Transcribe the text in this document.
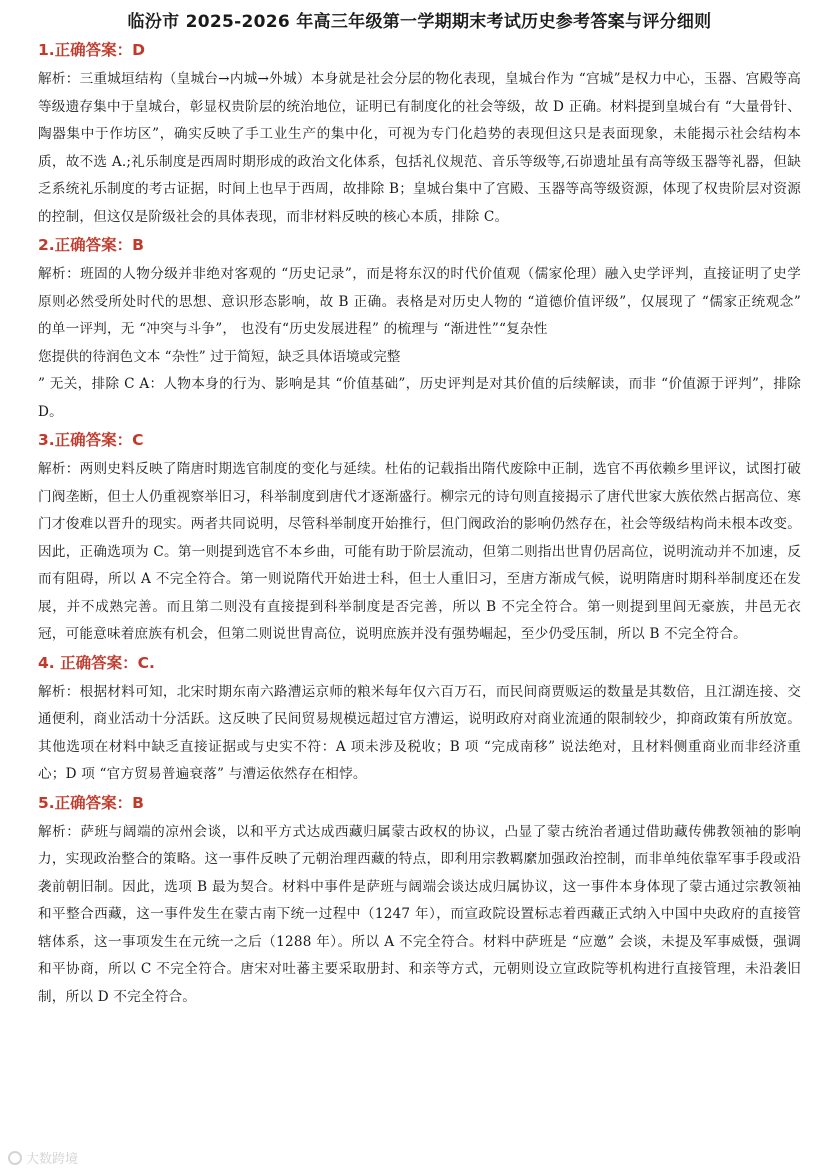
临汾市 2025-2026 年高三年级第一学期期末考试历史参考答案与评分细则
1.正确答案：D

解析：三重城垣结构（皇城台→内城→外城）本身就是社会分层的物化表现，皇城台作为 “宫城”是权力中心，玉器、宫殿等高等级遗存集中于皇城台，彰显权贵阶层的统治地位，证明已有制度化的社会等级，故 D 正确。材料提到皇城台有 “大量骨针、陶器集中于作坊区”，确实反映了手工业生产的集中化，可视为专门化趋势的表现但这只是表面现象，未能揭示社会结构本质，故不选 A.;礼乐制度是西周时期形成的政治文化体系，包括礼仪规范、音乐等级等,石峁遗址虽有高等级玉器等礼器，但缺乏系统礼乐制度的考古证据，时间上也早于西周，故排除 B；皇城台集中了宫殿、玉器等高等级资源，体现了权贵阶层对资源的控制，但这仅是阶级社会的具体表现，而非材料反映的核心本质，排除 C。

2.正确答案：B

解析：班固的人物分级并非绝对客观的 “历史记录”，而是将东汉的时代价值观（儒家伦理）融入史学评判，直接证明了史学原则必然受所处时代的思想、意识形态影响，故 B 正确。表格是对历史人物的 “道德价值评级”，仅展现了 “儒家正统观念” 的单一评判，无 “冲突与斗争”， 也没有“历史发展进程” 的梳理与 “渐进性”“复杂性

您提供的待润色文本 “杂性” 过于简短，缺乏具体语境或完整

” 无关，排除 C A：人物本身的行为、影响是其 “价值基础”，历史评判是对其价值的后续解读，而非 “价值源于评判”，排除 D。

3.正确答案：C

解析：两则史料反映了隋唐时期选官制度的变化与延续。杜佑的记载指出隋代废除中正制，选官不再依赖乡里评议，试图打破门阀垄断，但士人仍重视察举旧习，科举制度到唐代才逐渐盛行。柳宗元的诗句则直接揭示了唐代世家大族依然占据高位、寒门才俊难以晋升的现实。两者共同说明，尽管科举制度开始推行，但门阀政治的影响仍然存在，社会等级结构尚未根本改变。因此，正确选项为 C。第一则提到选官不本乡曲，可能有助于阶层流动，但第二则指出世胄仍居高位，说明流动并不加速，反而有阻碍，所以 A 不完全符合。第一则说隋代开始进士科，但士人重旧习，至唐方渐成气候，说明隋唐时期科举制度还在发展，并不成熟完善。而且第二则没有直接提到科举制度是否完善，所以 B 不完全符合。第一则提到里闾无豪族，井邑无衣冠，可能意味着庶族有机会，但第二则说世胄高位，说明庶族并没有强势崛起，至少仍受压制，所以 B 不完全符合。

4. 正确答案：C.

解析：根据材料可知，北宋时期东南六路漕运京师的粮米每年仅六百万石，而民间商贾贩运的数量是其数倍，且江湖连接、交通便利，商业活动十分活跃。这反映了民间贸易规模远超过官方漕运，说明政府对商业流通的限制较少，抑商政策有所放宽。其他选项在材料中缺乏直接证据或与史实不符：A 项未涉及税收；B 项 “完成南移” 说法绝对，且材料侧重商业而非经济重心；D 项 “官方贸易普遍衰落” 与漕运依然存在相悖。

5.正确答案：B

解析：萨班与阔端的凉州会谈，以和平方式达成西藏归属蒙古政权的协议，凸显了蒙古统治者通过借助藏传佛教领袖的影响力，实现政治整合的策略。这一事件反映了元朝治理西藏的特点，即利用宗教羁縻加强政治控制，而非单纯依靠军事手段或沿袭前朝旧制。因此，选项 B 最为契合。材料中事件是萨班与阔端会谈达成归属协议，这一事件本身体现了蒙古通过宗教领袖和平整合西藏，这一事件发生在蒙古南下统一过程中（1247 年），而宣政院设置标志着西藏正式纳入中国中央政府的直接管辖体系，这一事项发生在元统一之后（1288 年）。所以 A 不完全符合。材料中萨班是 “应邀” 会谈，未提及军事威慑，强调和平协商，所以 C 不完全符合。唐宋对吐蕃主要采取册封、和亲等方式，元朝则设立宣政院等机构进行直接管理，未沿袭旧制，所以 D 不完全符合。

大数跨境
